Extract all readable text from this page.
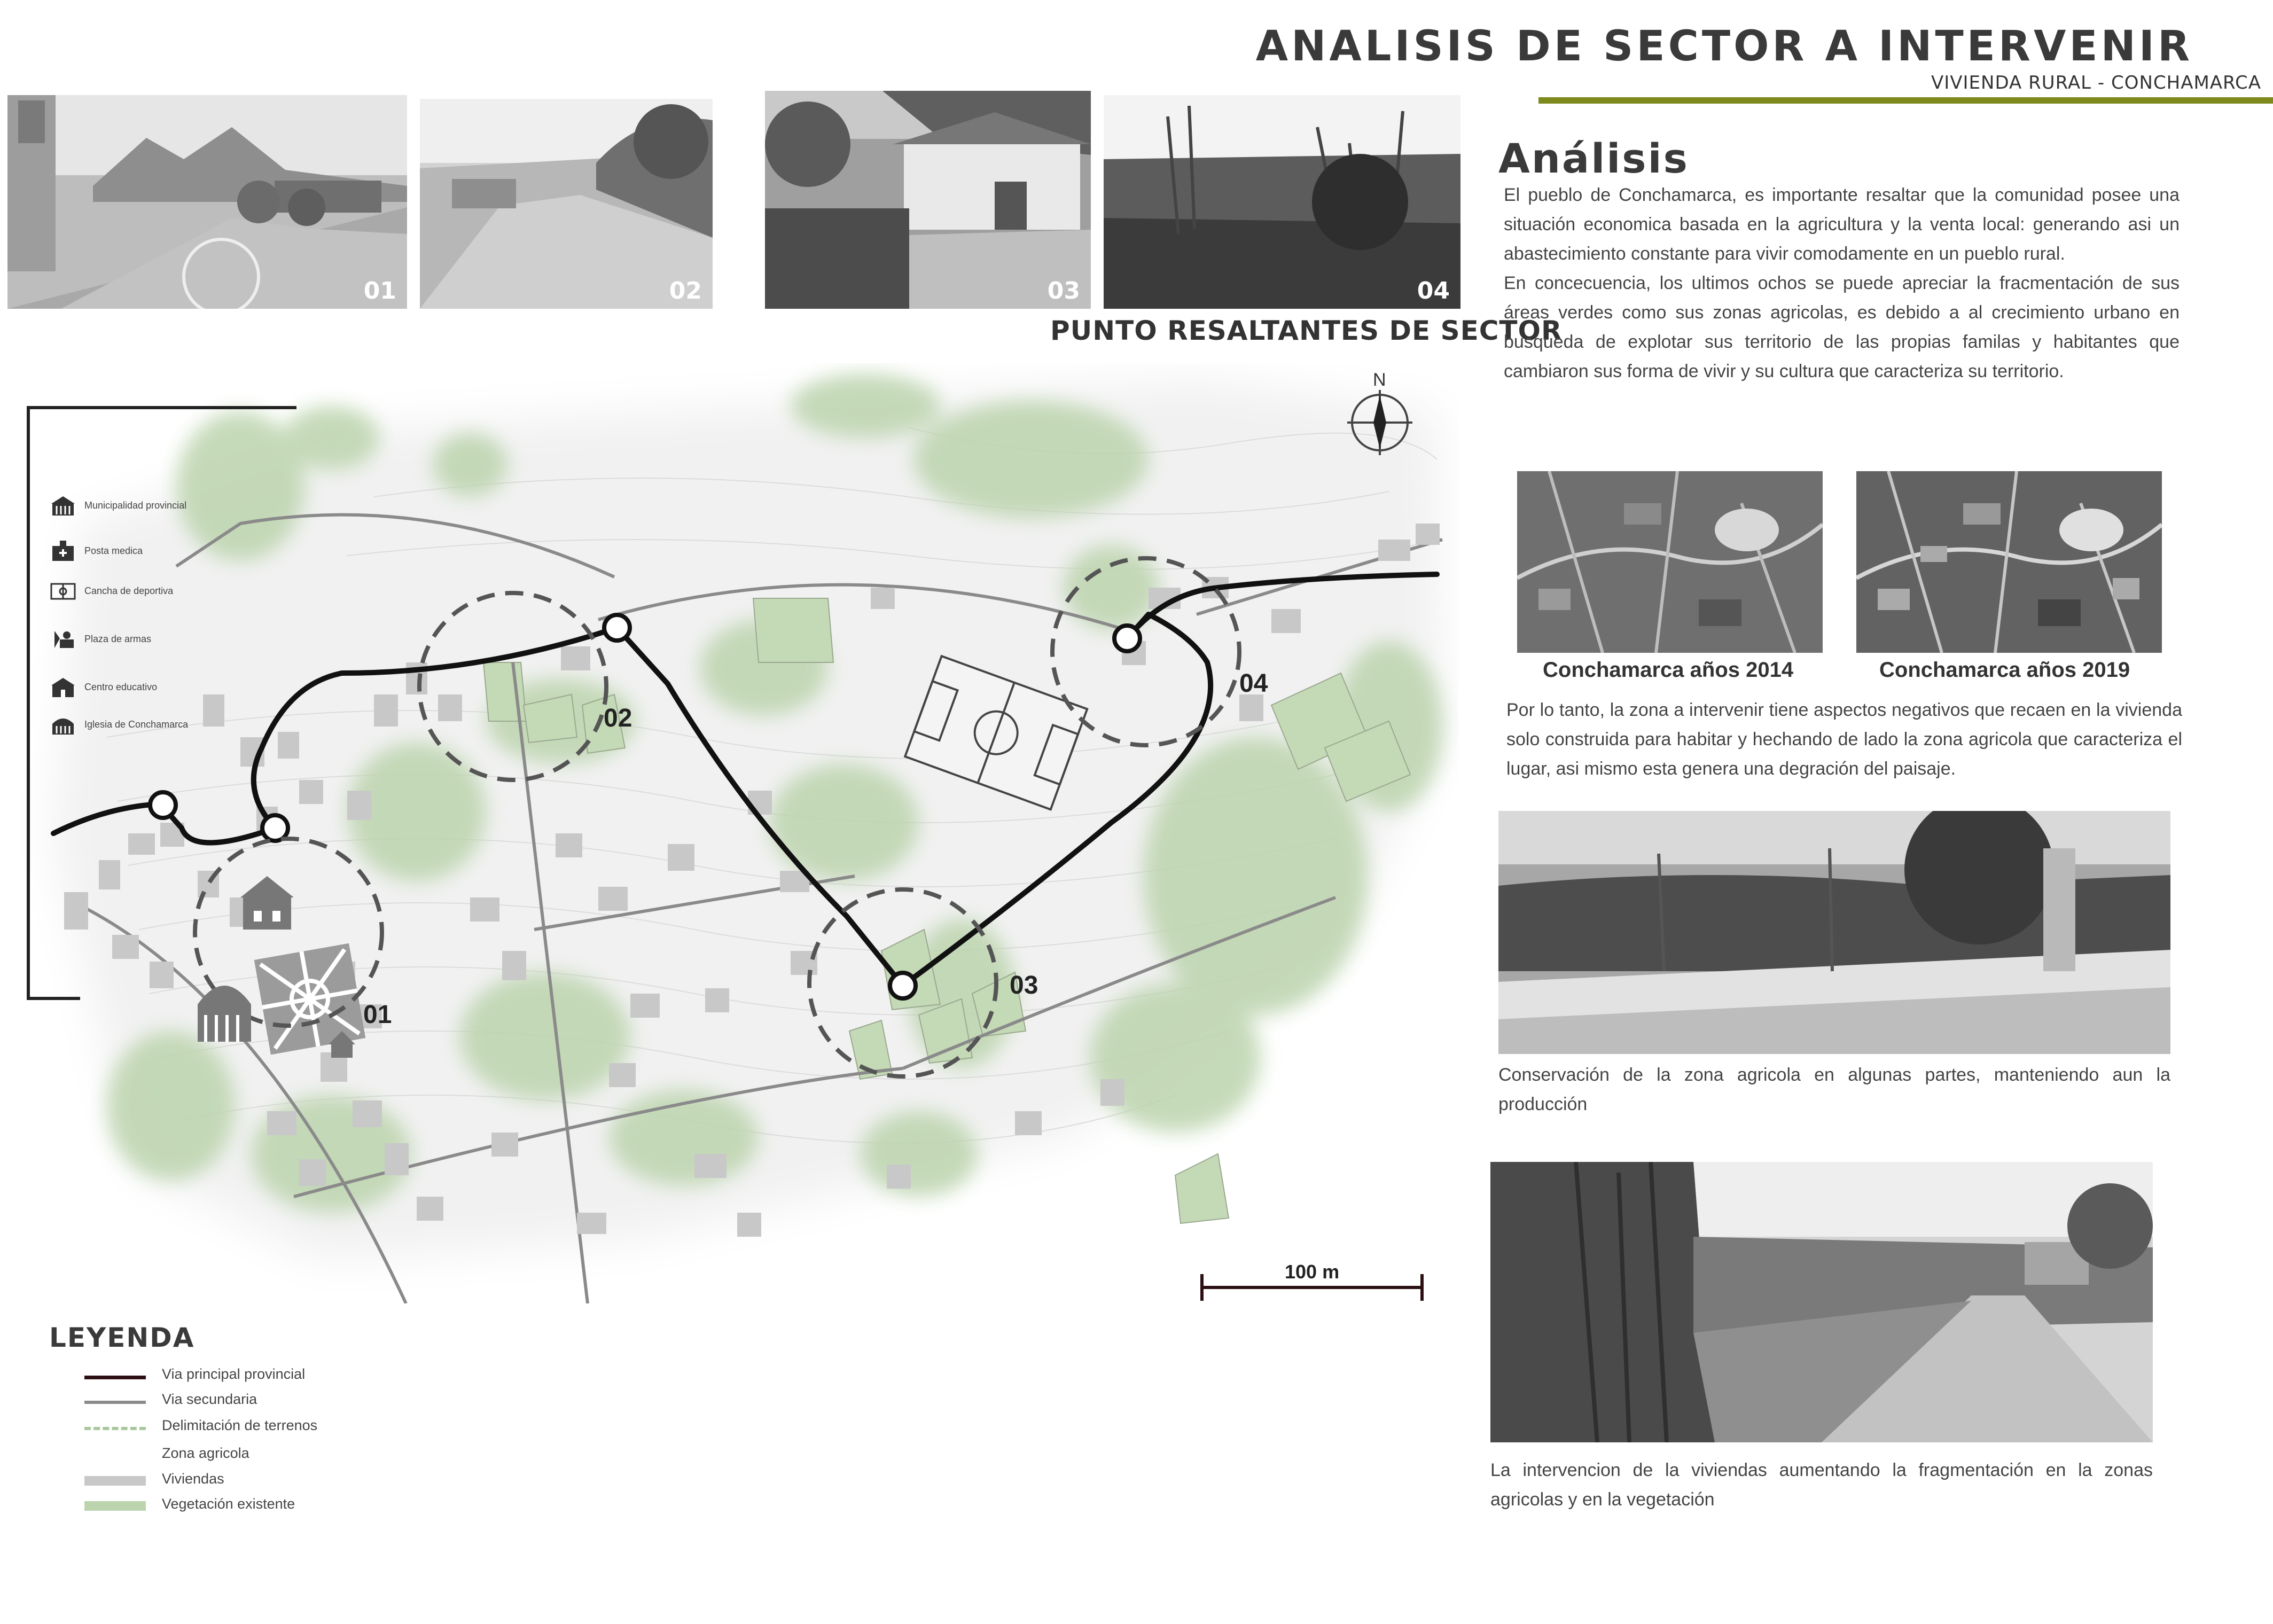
ANALISIS DE SECTOR A INTERVENIR
VIVIENDA RURAL - CONCHAMARCA
01	02	03	04
PUNTO RESALTANTES DE SECTOR
01
02
03
04
N
100 m
Municipalidad provincial
Posta medica
Cancha de deportiva
Plaza de armas
Centro educativo
Iglesia de Conchamarca
LEYENDA
Via principal provincial
Via secundaria
Delimitación de terrenos
Zona agricola
Viviendas
Vegetación existente
Análisis

El pueblo de Conchamarca, es importante resaltar que la comunidad posee una situación economica basada en la agricultura y la venta local: generando asi un abastecimiento constante para vivir comodamente en un pueblo rural.

En concecuencia, los ultimos ochos se puede apreciar la fracmentación de sus áreas verdes como sus zonas agricolas, es debido a al crecimiento urbano en busqueda de explotar sus territorio de las propias familas y habitantes que cambiaron sus forma de vivir y su cultura que caracteriza su territorio.

Conchamarca años 2014	Conchamarca años 2019
Por lo tanto, la zona a intervenir tiene aspectos negativos que recaen en la vivienda solo construida para habitar y hechando de lado la zona agricola que caracteriza el lugar, asi mismo esta genera una degración del paisaje.
Conservación de la zona agricola en algunas partes, manteniendo aun la producción
La intervencion de la viviendas aumentando la fragmentación en la zonas agricolas y en la vegetación
